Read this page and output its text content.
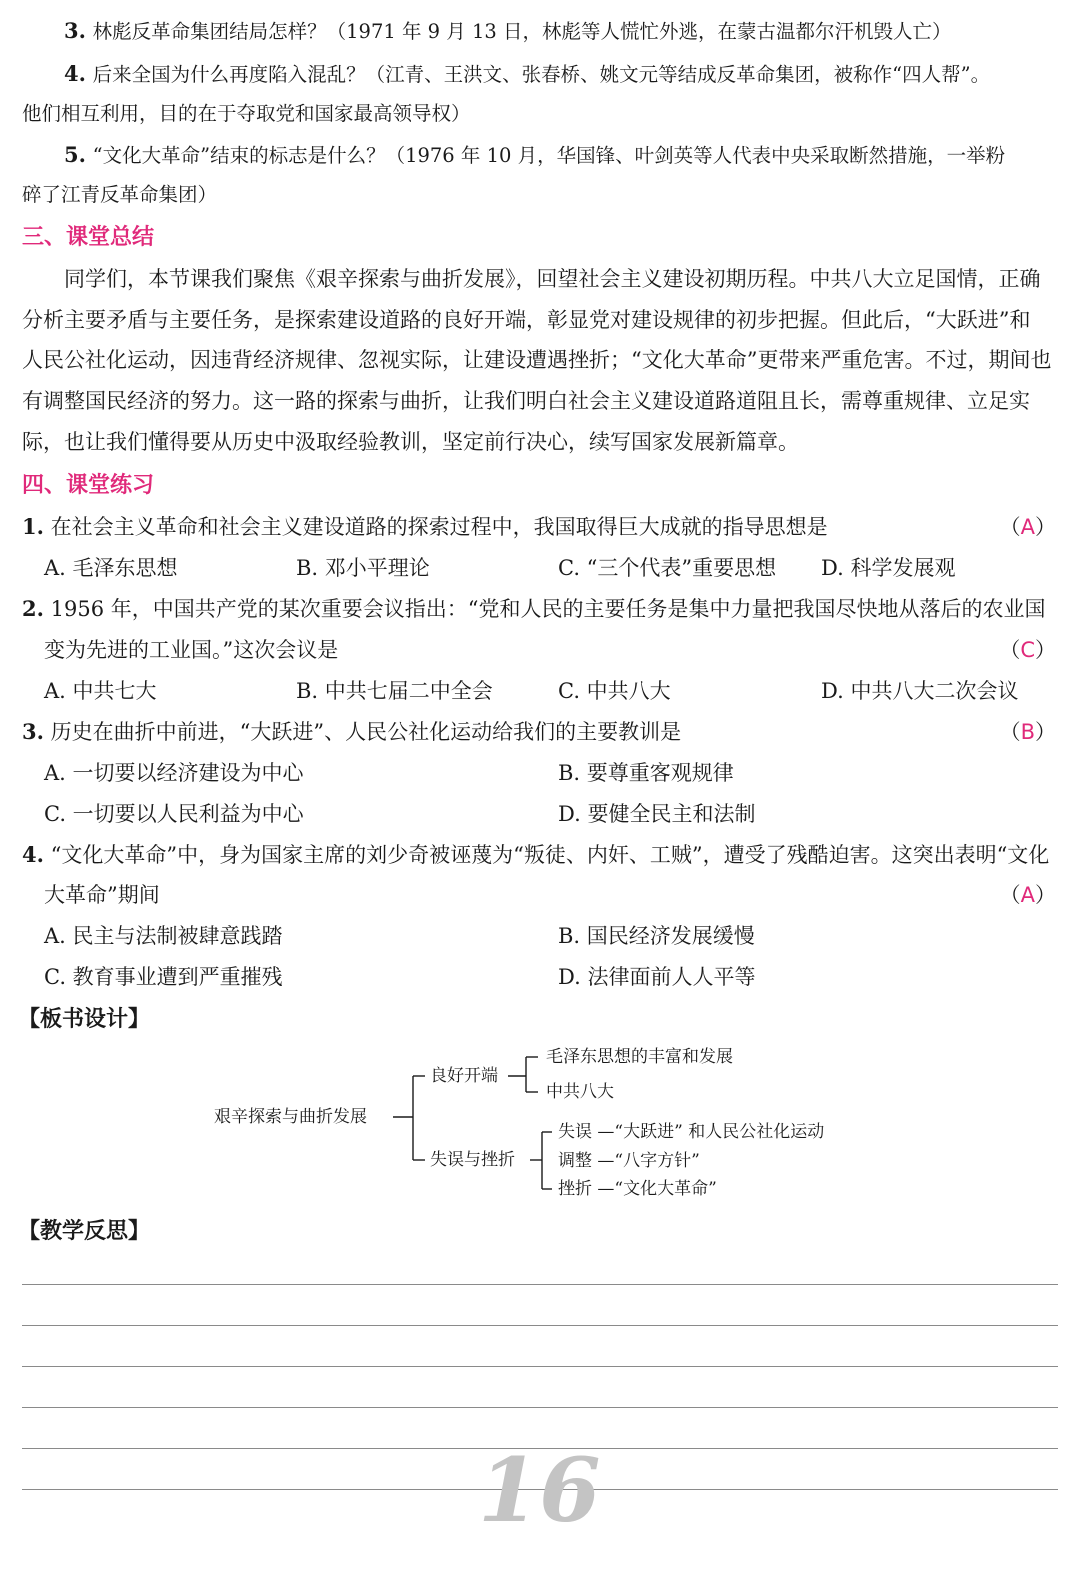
3. 林彪反革命集团结局怎样？（1971 年 9 月 13 日，林彪等人慌忙外逃，在蒙古温都尔汗机毁人亡）
4. 后来全国为什么再度陷入混乱？（江青、王洪文、张春桥、姚文元等结成反革命集团，被称作“四人帮”。
他们相互利用，目的在于夺取党和国家最高领导权）
5. “文化大革命”结束的标志是什么？（1976 年 10 月，华国锋、叶剑英等人代表中央采取断然措施，一举粉
碎了江青反革命集团）
三、课堂总结
同学们，本节课我们聚焦《艰辛探索与曲折发展》，回望社会主义建设初期历程。中共八大立足国情，正确
分析主要矛盾与主要任务，是探索建设道路的良好开端，彰显党对建设规律的初步把握。但此后，“大跃进”和
人民公社化运动，因违背经济规律、忽视实际，让建设遭遇挫折；“文化大革命”更带来严重危害。不过，期间也
有调整国民经济的努力。这一路的探索与曲折，让我们明白社会主义建设道路道阻且长，需尊重规律、立足实
际，也让我们懂得要从历史中汲取经验教训，坚定前行决心，续写国家发展新篇章。
四、课堂练习
1. 在社会主义革命和社会主义建设道路的探索过程中，我国取得巨大成就的指导思想是	（A）
A. 毛泽东思想	B. 邓小平理论	C. “三个代表”重要思想 D. 科学发展观
2. 1956 年，中国共产党的某次重要会议指出：“党和人民的主要任务是集中力量把我国尽快地从落后的农业国
变为先进的工业国。”这次会议是	（C）
A. 中共七大	B. 中共七届二中全会	C. 中共八大	D. 中共八大二次会议
3. 历史在曲折中前进，“大跃进”、人民公社化运动给我们的主要教训是	（B）
A. 一切要以经济建设为中心	B. 要尊重客观规律
C. 一切要以人民利益为中心	D. 要健全民主和法制
4. “文化大革命”中，身为国家主席的刘少奇被诬蔑为“叛徒、内奸、工贼”，遭受了残酷迫害。这突出表明“文化
大革命”期间	（A）
A. 民主与法制被肆意践踏	B. 国民经济发展缓慢
C. 教育事业遭到严重摧残	D. 法律面前人人平等
【板书设计】
艰辛探索与曲折发展
良好开端
毛泽东思想的丰富和发展
中共八大
失误与挫折
失误 —“大跃进” 和人民公社化运动
调整 —“八字方针”
挫折 —“文化大革命”
【教学反思】
16
